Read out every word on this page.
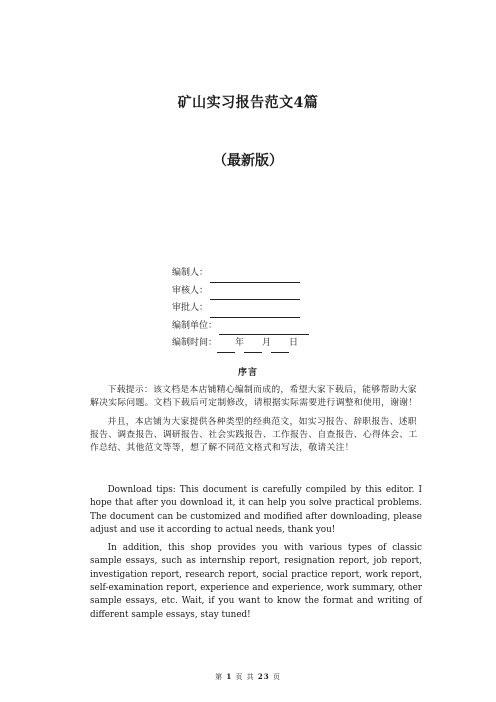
矿山实习报告范文4篇
（最新版）
编制人：
审核人：
审批人：
编制单位：
编制时间： 年 月 日
序言

下载提示：该文档是本店铺精心编制而成的，希望大家下载后，能够帮助大家解决实际问题。文档下载后可定制修改，请根据实际需要进行调整和使用，谢谢！

并且，本店铺为大家提供各种类型的经典范文，如实习报告、辞职报告、述职报告、调查报告、调研报告、社会实践报告、工作报告、自查报告、心得体会、工作总结、其他范文等等，想了解不同范文格式和写法，敬请关注！

Download tips: This document is carefully compiled by this editor. I hope that after you download it, it can help you solve practical problems. The document can be customized and modified after downloading, please adjust and use it according to actual needs, thank you!

In addition, this shop provides you with various types of classic sample essays, such as internship report, resignation report, job report, investigation report, research report, social practice report, work report, self-examination report, experience and experience, work summary, other sample essays, etc. Wait, if you want to know the format and writing of different sample essays, stay tuned!

第 1 页 共 23 页
